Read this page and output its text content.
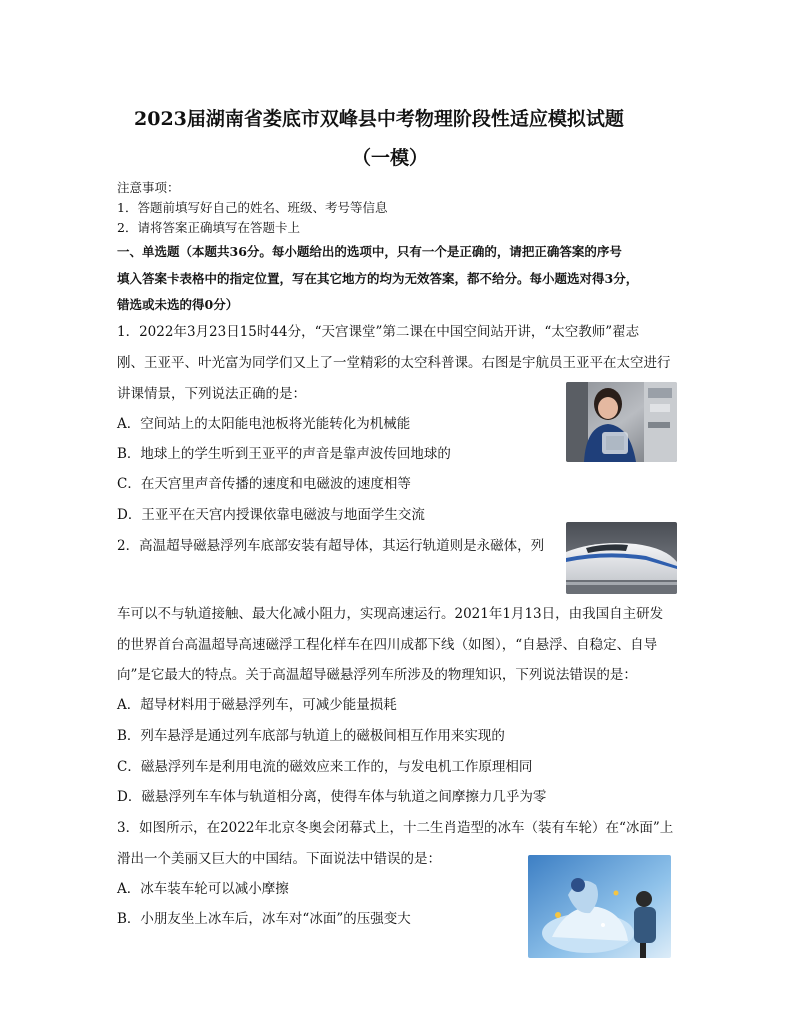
2023届湖南省娄底市双峰县中考物理阶段性适应模拟试题
（一模）
注意事项：
1．答题前填写好自己的姓名、班级、考号等信息
2．请将答案正确填写在答题卡上
一、单选题（本题共36分。每小题给出的选项中，只有一个是正确的，请把正确答案的序号
填入答案卡表格中的指定位置，写在其它地方的均为无效答案，都不给分。每小题选对得3分，
错选或未选的得0分）
1．2022年3月23日15时44分，“天宫课堂”第二课在中国空间站开讲，“太空教师”翟志
刚、王亚平、叶光富为同学们又上了一堂精彩的太空科普课。右图是宇航员王亚平在太空进行
讲课情景，下列说法正确的是：
A．空间站上的太阳能电池板将光能转化为机械能
B．地球上的学生听到王亚平的声音是靠声波传回地球的
C．在天宫里声音传播的速度和电磁波的速度相等
D．王亚平在天宫内授课依靠电磁波与地面学生交流
2．高温超导磁悬浮列车底部安装有超导体，其运行轨道则是永磁体，列
车可以不与轨道接触、最大化减小阻力，实现高速运行。2021年1月13日，由我国自主研发
的世界首台高温超导高速磁浮工程化样车在四川成都下线（如图），“自悬浮、自稳定、自导
向”是它最大的特点。关于高温超导磁悬浮列车所涉及的物理知识，下列说法错误的是：
A．超导材料用于磁悬浮列车，可减少能量损耗
B．列车悬浮是通过列车底部与轨道上的磁极间相互作用来实现的
C．磁悬浮列车是利用电流的磁效应来工作的，与发电机工作原理相同
D．磁悬浮列车车体与轨道相分离，使得车体与轨道之间摩擦力几乎为零
3．如图所示，在2022年北京冬奥会闭幕式上，十二生肖造型的冰车（装有车轮）在“冰面”上
滑出一个美丽又巨大的中国结。下面说法中错误的是：
A．冰车装车轮可以减小摩擦
B．小朋友坐上冰车后，冰车对“冰面”的压强变大
